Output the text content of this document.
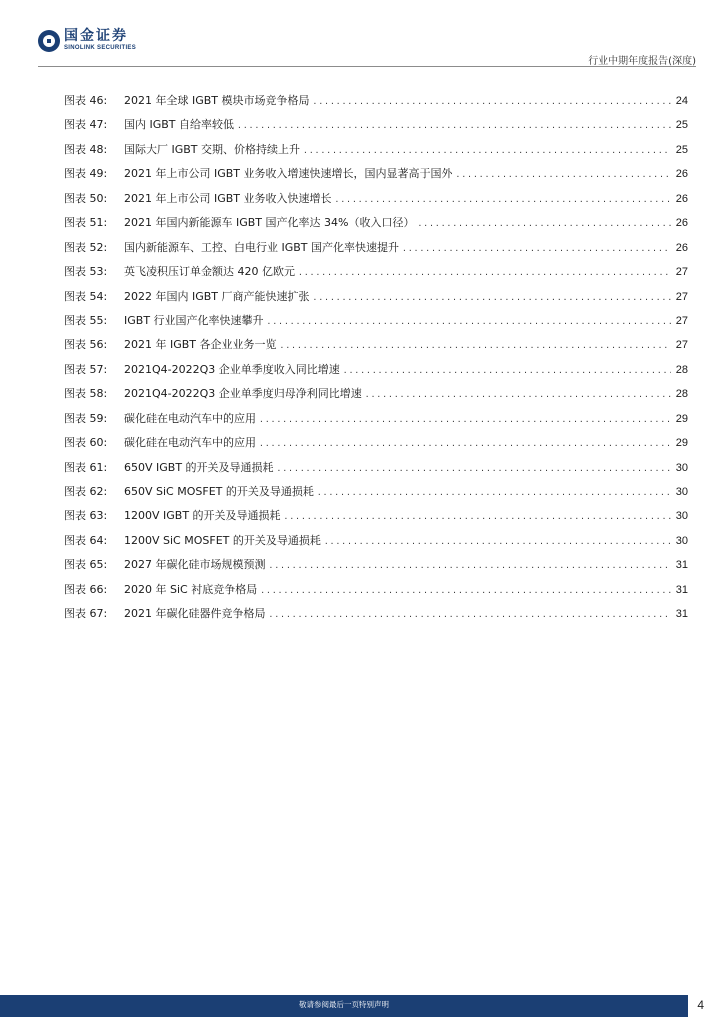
国金证券
SINOLINK SECURITIES
行业中期年度报告(深度)
图表 46:	2021 年全球 IGBT 模块市场竞争格局 .....	24
图表 47:	国内 IGBT 自给率较低 .....	25
图表 48:	国际大厂 IGBT 交期、价格持续上升 .....	25
图表 49:	2021 年上市公司 IGBT 业务收入增速快速增长，国内显著高于国外 .....	26
图表 50:	2021 年上市公司 IGBT 业务收入快速增长 .....	26
图表 51:	2021 年国内新能源车 IGBT 国产化率达 34%（收入口径） .....	26
图表 52:	国内新能源车、工控、白电行业 IGBT 国产化率快速提升 .....	26
图表 53:	英飞凌积压订单金额达 420 亿欧元 .....	27
图表 54:	2022 年国内 IGBT 厂商产能快速扩张 .....	27
图表 55:	IGBT 行业国产化率快速攀升 .....	27
图表 56:	2021 年 IGBT 各企业业务一览 .....	27
图表 57:	2021Q4-2022Q3 企业单季度收入同比增速 .....	28
图表 58:	2021Q4-2022Q3 企业单季度归母净利同比增速 .....	28
图表 59:	碳化硅在电动汽车中的应用 .....	29
图表 60:	碳化硅在电动汽车中的应用 .....	29
图表 61:	650V IGBT 的开关及导通损耗 .....	30
图表 62:	650V SiC MOSFET 的开关及导通损耗 .....	30
图表 63:	1200V IGBT 的开关及导通损耗 .....	30
图表 64:	1200V SiC MOSFET 的开关及导通损耗 .....	30
图表 65:	2027 年碳化硅市场规模预测 .....	31
图表 66:	2020 年 SiC 衬底竞争格局 .....	31
图表 67:	2021 年碳化硅器件竞争格局 .....	31
敬请参阅最后一页特别声明	4
